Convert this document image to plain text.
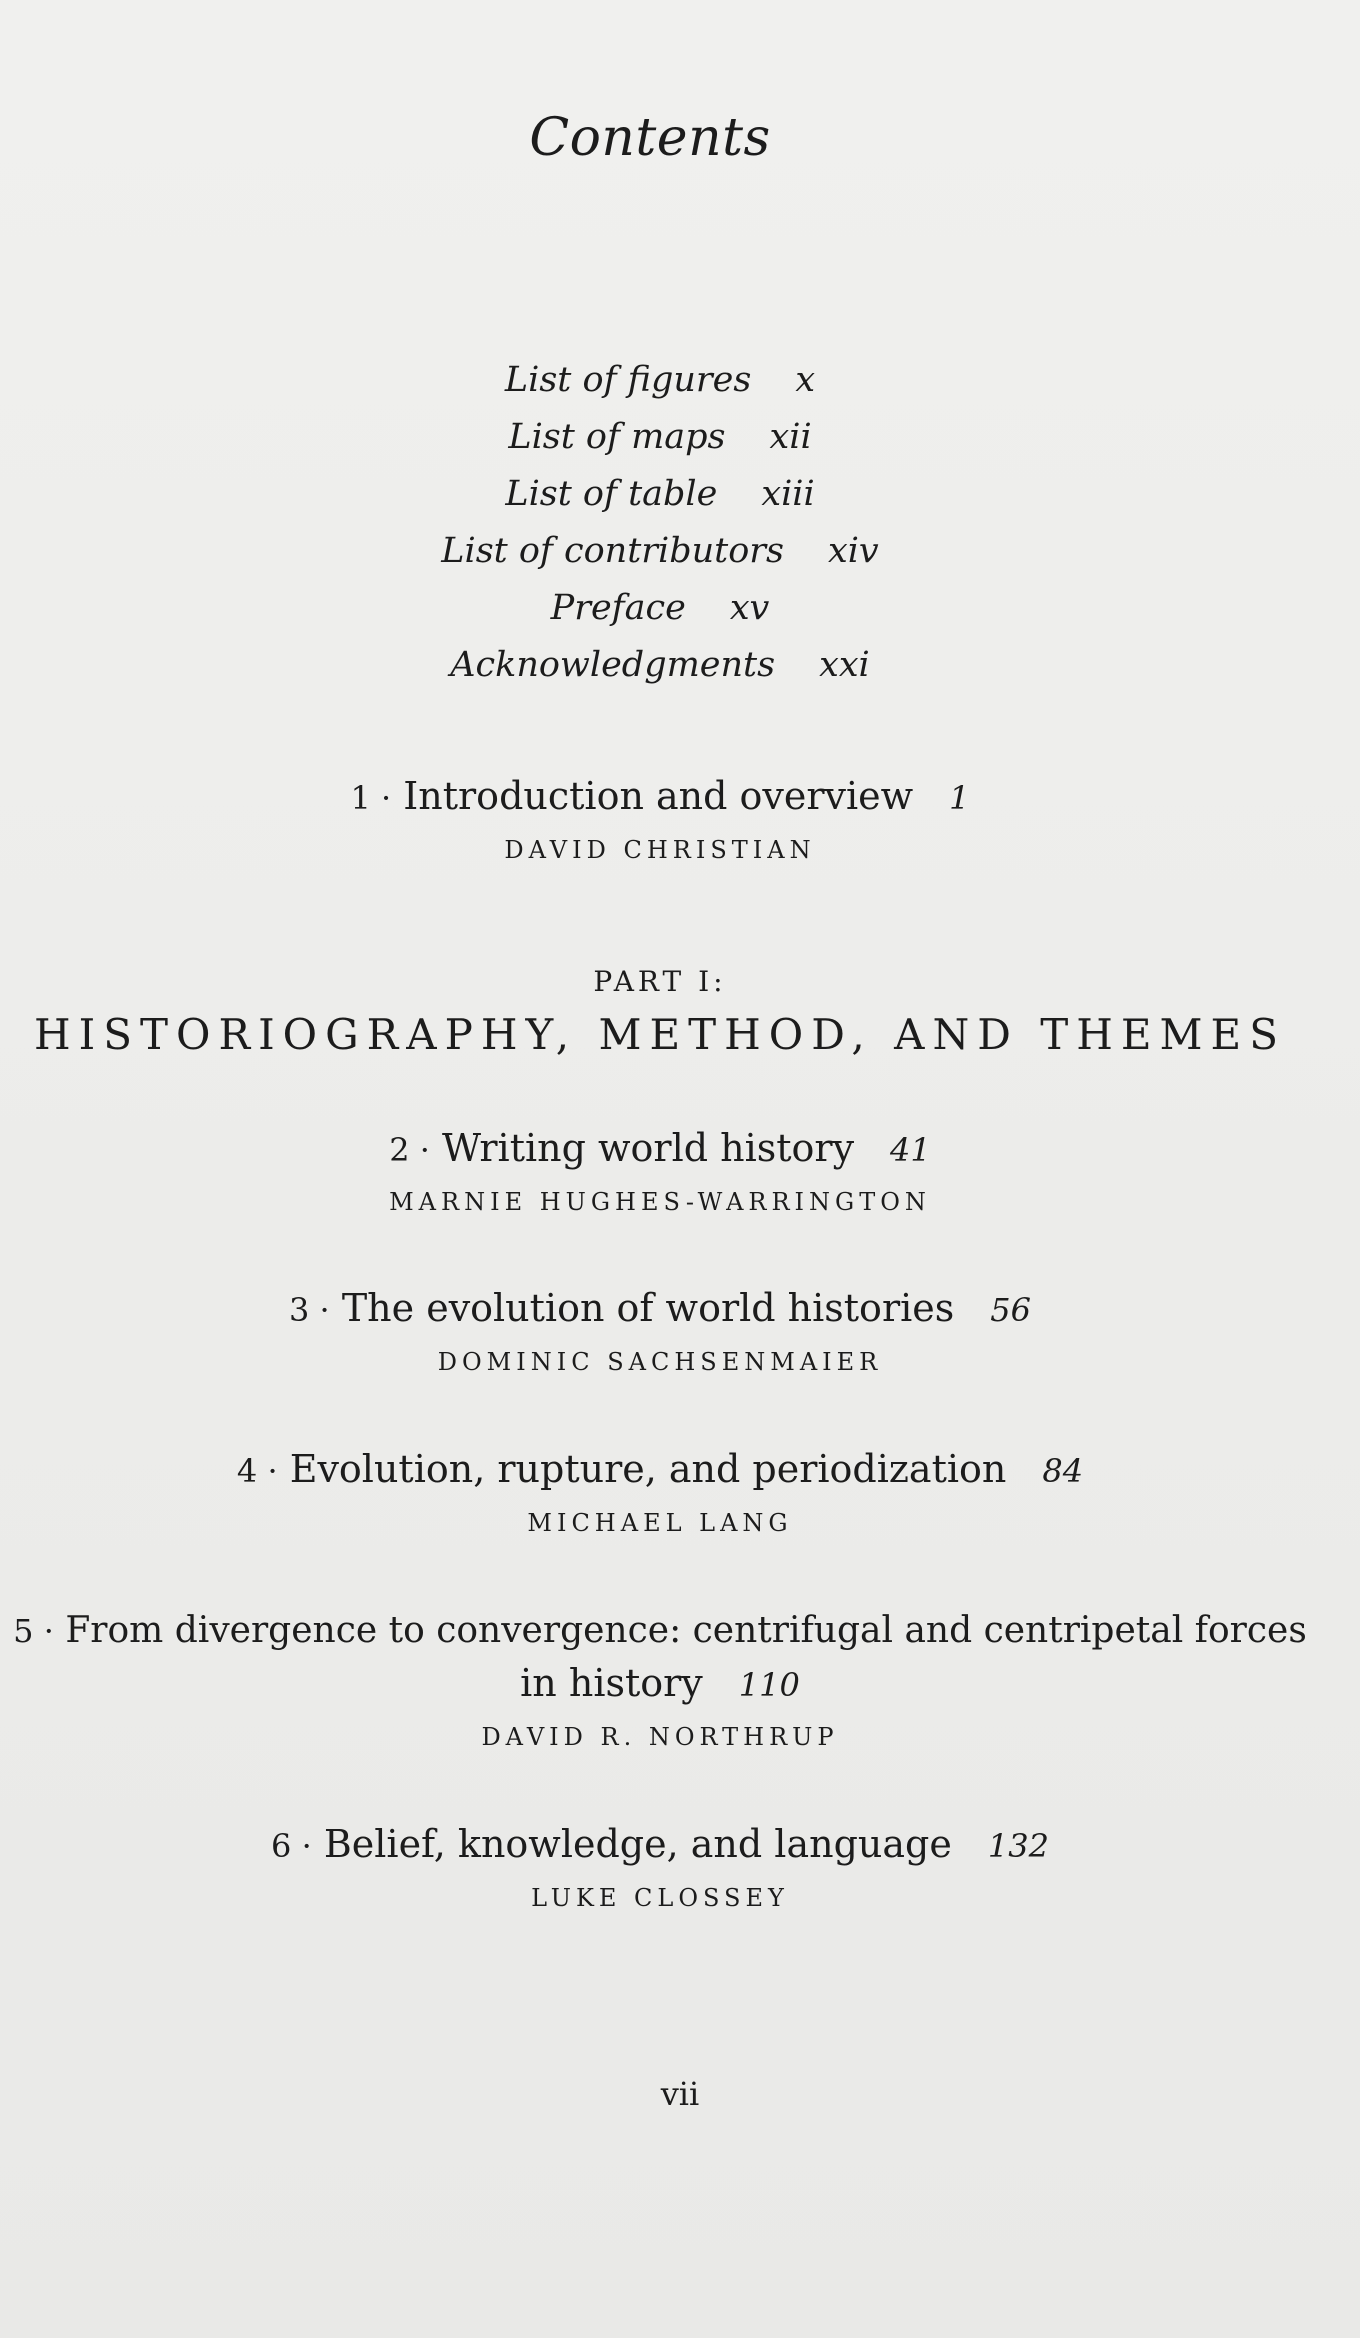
Contents
List of figures x
List of maps xii
List of table xiii
List of contributors xiv
Preface xv
Acknowledgments xxi
1 · Introduction and overview 1
DAVID CHRISTIAN
PART I:
HISTORIOGRAPHY, METHOD, AND THEMES
2 · Writing world history 41
MARNIE HUGHES-WARRINGTON
3 · The evolution of world histories 56
DOMINIC SACHSENMAIER
4 · Evolution, rupture, and periodization 84
MICHAEL LANG
5 · From divergence to convergence: centrifugal and centripetal forces
in history 110
DAVID R. NORTHRUP
6 · Belief, knowledge, and language 132
LUKE CLOSSEY
vii
